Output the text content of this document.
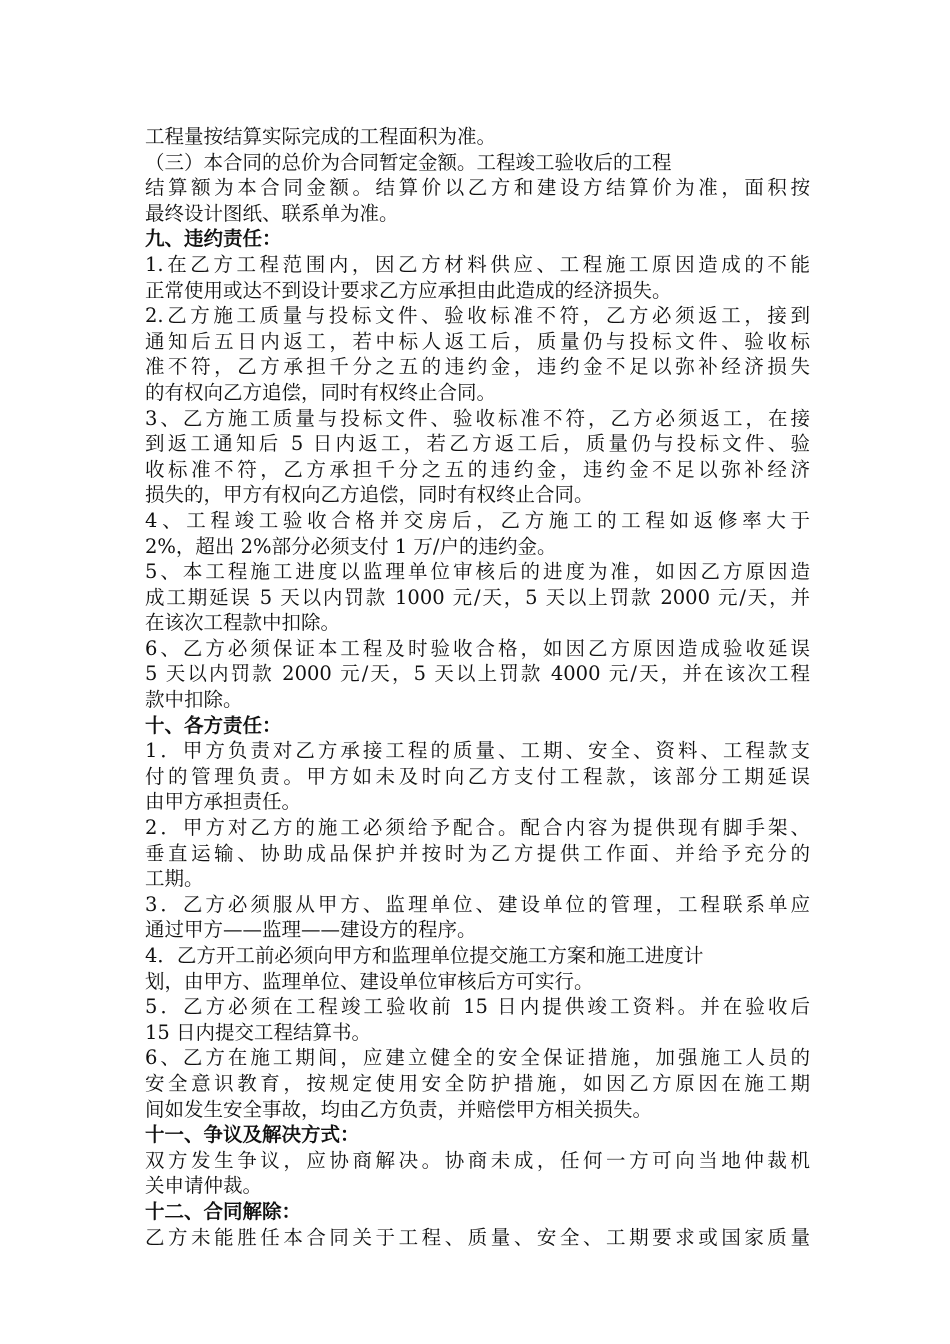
工程量按结算实际完成的工程面积为准。
（三）本合同的总价为合同暂定金额。工程竣工验收后的工程
结算额为本合同金额。结算价以乙方和建设方结算价为准，面积按
最终设计图纸、联系单为准。
九、违约责任：
1.在乙方工程范围内，因乙方材料供应、工程施工原因造成的不能
正常使用或达不到设计要求乙方应承担由此造成的经济损失。
2.乙方施工质量与投标文件、验收标准不符，乙方必须返工，接到
通知后五日内返工，若中标人返工后，质量仍与投标文件、验收标
准不符，乙方承担千分之五的违约金，违约金不足以弥补经济损失
的有权向乙方追偿，同时有权终止合同。
3、乙方施工质量与投标文件、验收标准不符，乙方必须返工，在接
到返工通知后 5 日内返工，若乙方返工后，质量仍与投标文件、验
收标准不符，乙方承担千分之五的违约金，违约金不足以弥补经济
损失的，甲方有权向乙方追偿，同时有权终止合同。
4、工程竣工验收合格并交房后，乙方施工的工程如返修率大于
2%，超出 2%部分必须支付 1 万/户的违约金。
5、本工程施工进度以监理单位审核后的进度为准，如因乙方原因造
成工期延误 5 天以内罚款 1000 元/天，5 天以上罚款 2000 元/天，并
在该次工程款中扣除。
6、乙方必须保证本工程及时验收合格，如因乙方原因造成验收延误
5 天以内罚款 2000 元/天，5 天以上罚款 4000 元/天，并在该次工程
款中扣除。
十、各方责任：
1．甲方负责对乙方承接工程的质量、工期、安全、资料、工程款支
付的管理负责。甲方如未及时向乙方支付工程款，该部分工期延误
由甲方承担责任。
2．甲方对乙方的施工必须给予配合。配合内容为提供现有脚手架、
垂直运输、协助成品保护并按时为乙方提供工作面、并给予充分的
工期。
3．乙方必须服从甲方、监理单位、建设单位的管理，工程联系单应
通过甲方——监理——建设方的程序。
4．乙方开工前必须向甲方和监理单位提交施工方案和施工进度计
划，由甲方、监理单位、建设单位审核后方可实行。
5．乙方必须在工程竣工验收前 15 日内提供竣工资料。并在验收后
15 日内提交工程结算书。
6、乙方在施工期间，应建立健全的安全保证措施，加强施工人员的
安全意识教育，按规定使用安全防护措施，如因乙方原因在施工期
间如发生安全事故，均由乙方负责，并赔偿甲方相关损失。
十一、争议及解决方式：
双方发生争议，应协商解决。协商未成，任何一方可向当地仲裁机
关申请仲裁。
十二、合同解除：
乙方未能胜任本合同关于工程、质量、安全、工期要求或国家质量
